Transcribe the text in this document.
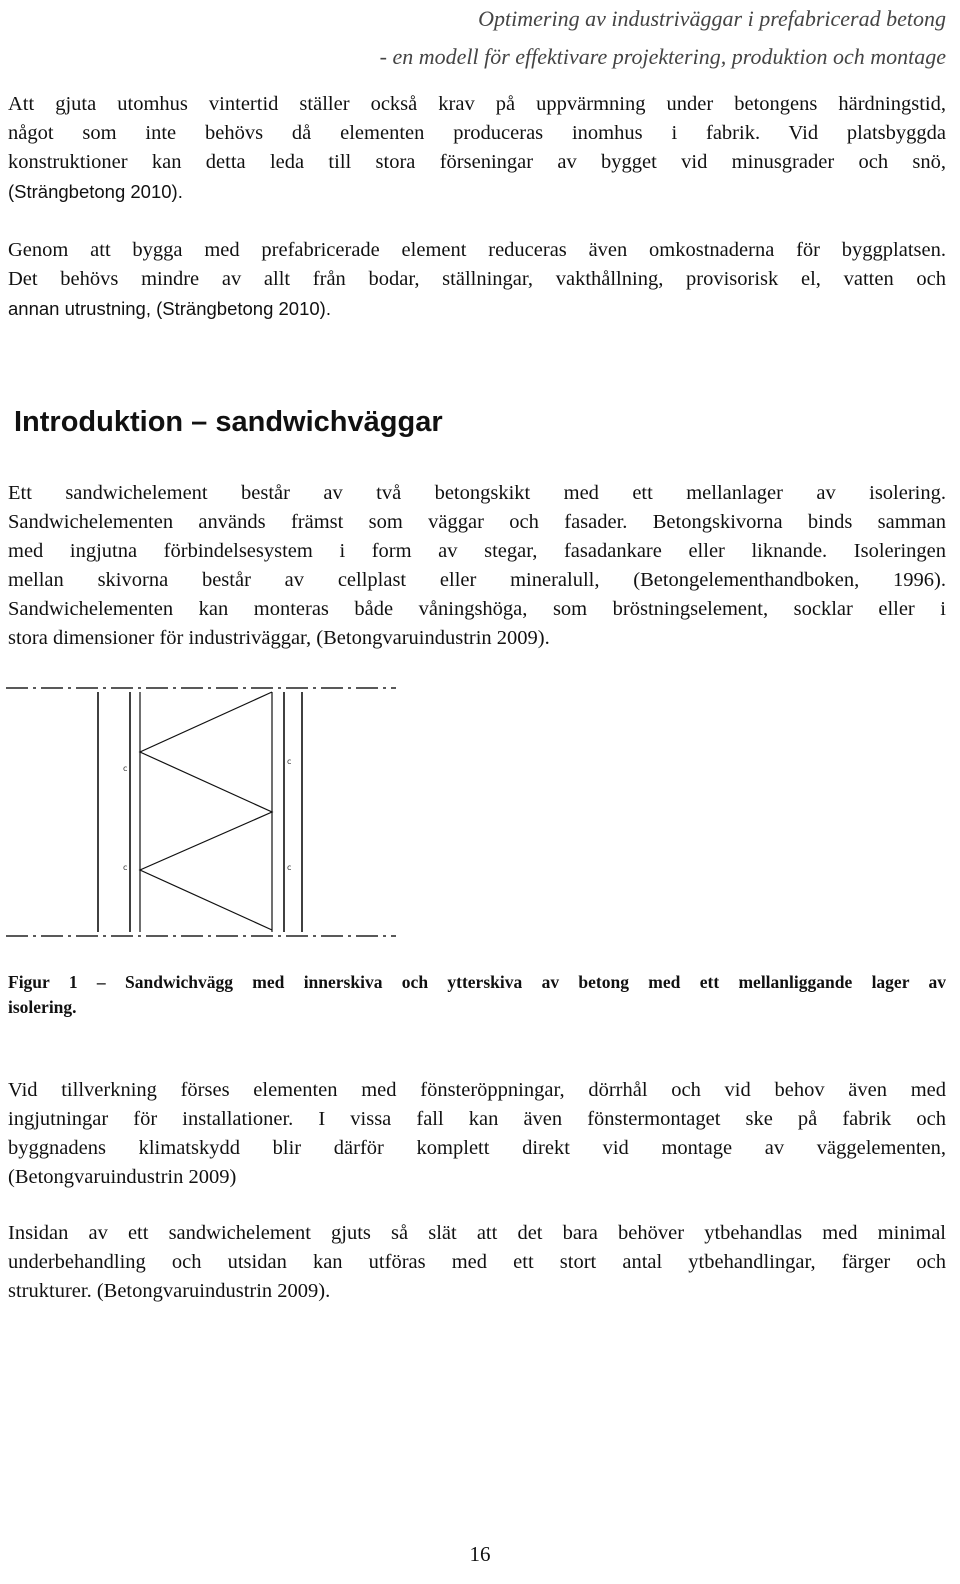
Optimering av industriväggar i prefabricerad betong
- en modell för effektivare projektering, produktion och montage
Att gjuta utomhus vintertid ställer också krav på uppvärmning under betongens härdningstid,
något som inte behövs då elementen produceras inomhus i fabrik. Vid platsbyggda
konstruktioner kan detta leda till stora förseningar av bygget vid minusgrader och snö,
(Strängbetong 2010).
Genom att bygga med prefabricerade element reduceras även omkostnaderna för byggplatsen.
Det behövs mindre av allt från bodar, ställningar, vakthållning, provisorisk el, vatten och
annan utrustning, (Strängbetong 2010).
Introduktion – sandwichväggar
Ett sandwichelement består av två betongskikt med ett mellanlager av isolering.
Sandwichelementen används främst som väggar och fasader. Betongskivorna binds samman
med ingjutna förbindelsesystem i form av stegar, fasadankare eller liknande. Isoleringen
mellan skivorna består av cellplast eller mineralull, (Betongelementhandboken, 1996).
Sandwichelementen kan monteras både våningshöga, som bröstningselement, socklar eller i
stora dimensioner för industriväggar, (Betongvaruindustrin 2009).
c
c
c
c
Figur 1 – Sandwichvägg med innerskiva och ytterskiva av betong med ett mellanliggande lager av
isolering.
Vid tillverkning förses elementen med fönsteröppningar, dörrhål och vid behov även med
ingjutningar för installationer. I vissa fall kan även fönstermontaget ske på fabrik och
byggnadens klimatskydd blir därför komplett direkt vid montage av väggelementen,
(Betongvaruindustrin 2009)
Insidan av ett sandwichelement gjuts så slät att det bara behöver ytbehandlas med minimal
underbehandling och utsidan kan utföras med ett stort antal ytbehandlingar, färger och
strukturer. (Betongvaruindustrin 2009).
16
